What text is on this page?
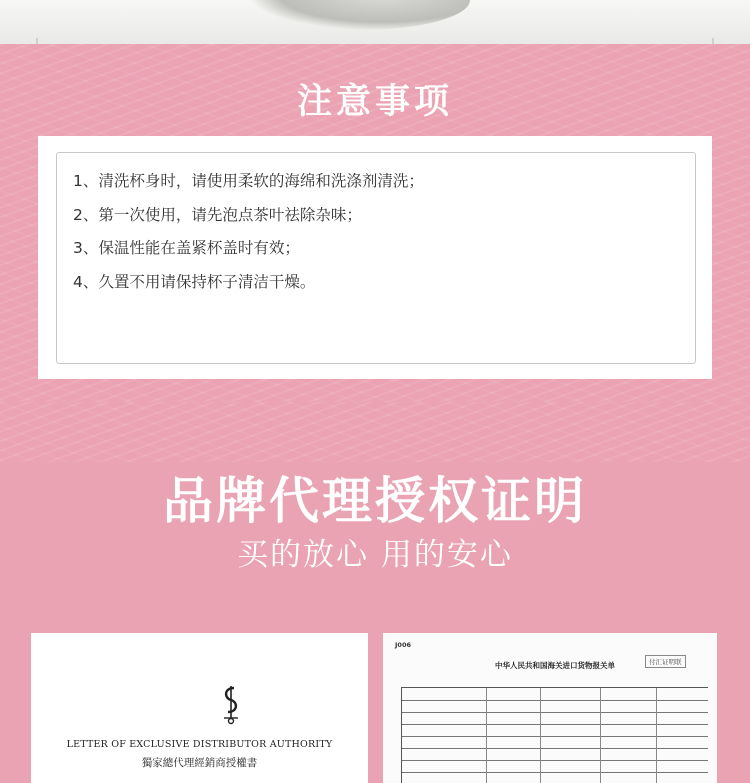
注意事项
1、清洗杯身时，请使用柔软的海绵和洗涤剂清洗；
2、第一次使用，请先泡点茶叶祛除杂味；
3、保温性能在盖紧杯盖时有效；
4、久置不用请保持杯子清洁干燥。
品牌代理授权证明
买的放心 用的安心
LETTER OF EXCLUSIVE DISTRIBUTOR AUTHORITY
獨家總代理經銷商授權書
J006
中华人民共和国海关进口货物报关单	付汇证明联
